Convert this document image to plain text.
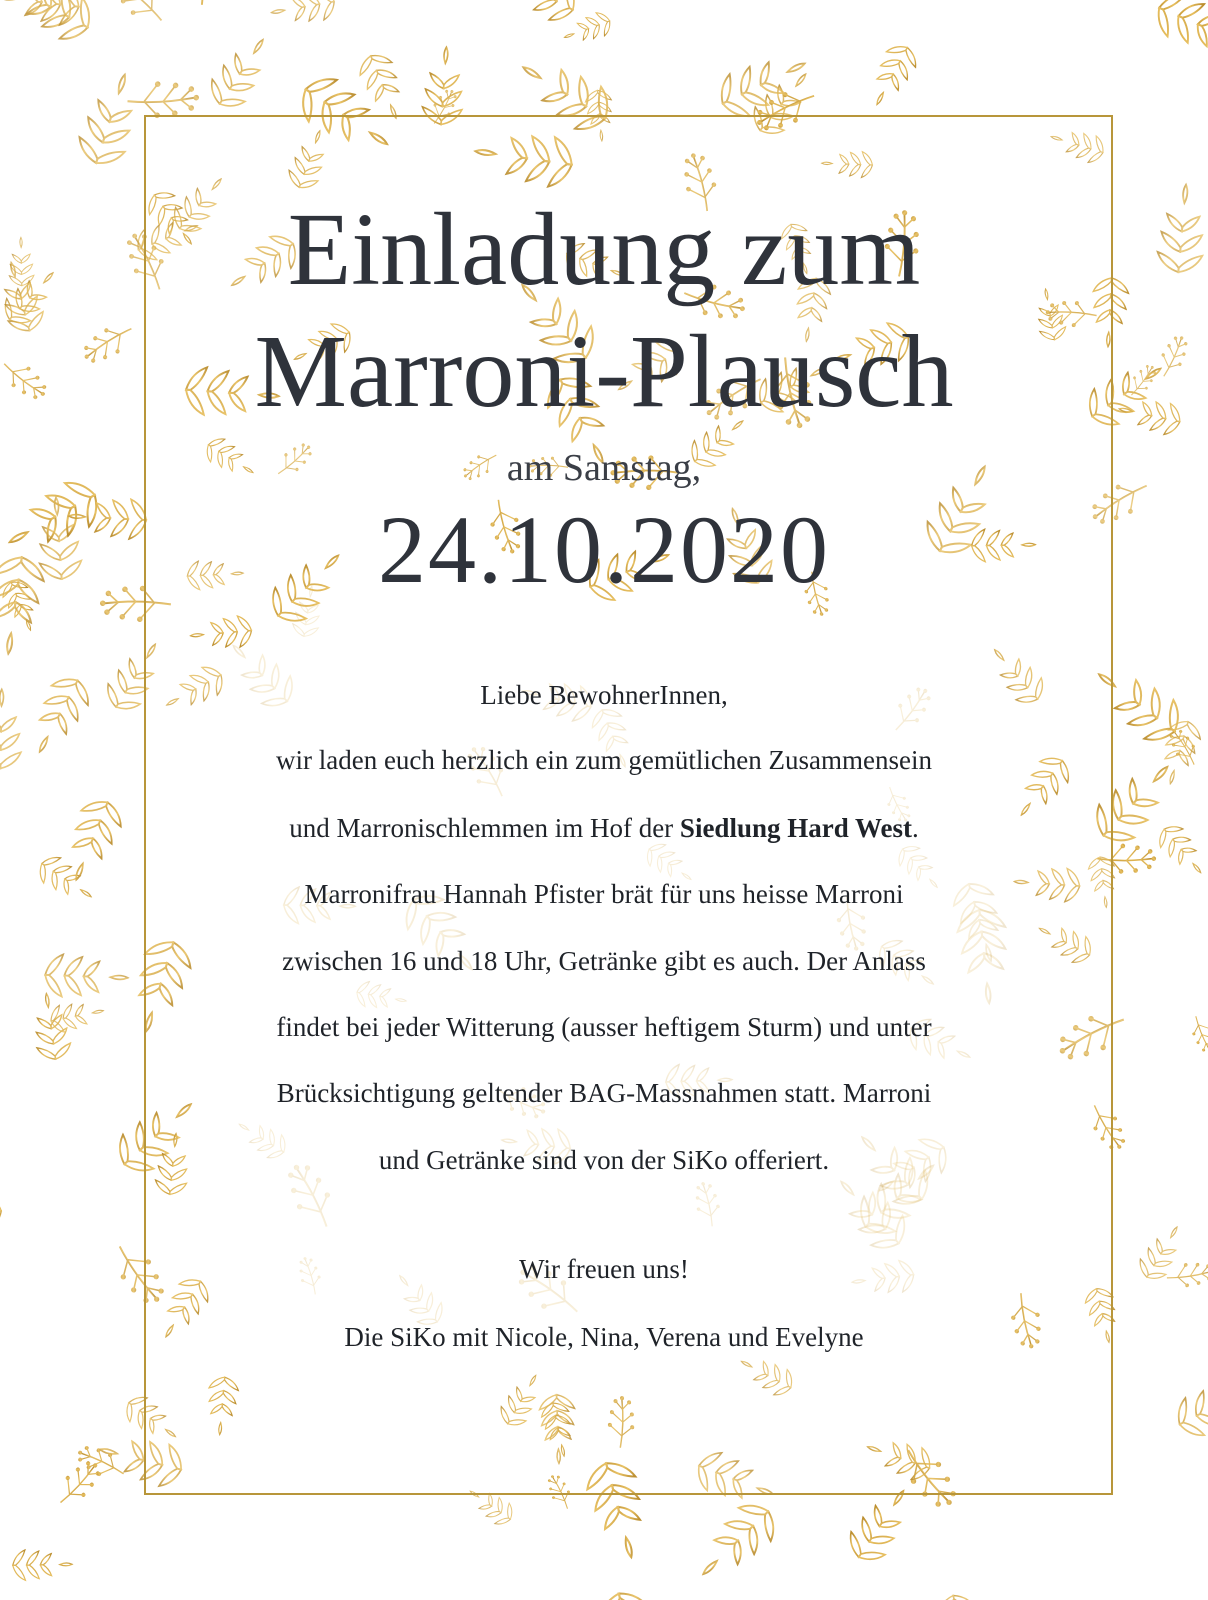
Einladung zum
Marroni-Plausch
am Samstag,
24.10.2020
Liebe BewohnerInnen,
wir laden euch herzlich ein zum gemütlichen Zusammensein
und Marronischlemmen im Hof der Siedlung Hard West.
Marronifrau Hannah Pfister brät für uns heisse Marroni
zwischen 16 und 18 Uhr, Getränke gibt es auch. Der Anlass
findet bei jeder Witterung (ausser heftigem Sturm) und unter
Brücksichtigung geltender BAG-Massnahmen statt. Marroni
und Getränke sind von der SiKo offeriert.
Wir freuen uns!
Die SiKo mit Nicole, Nina, Verena und Evelyne
